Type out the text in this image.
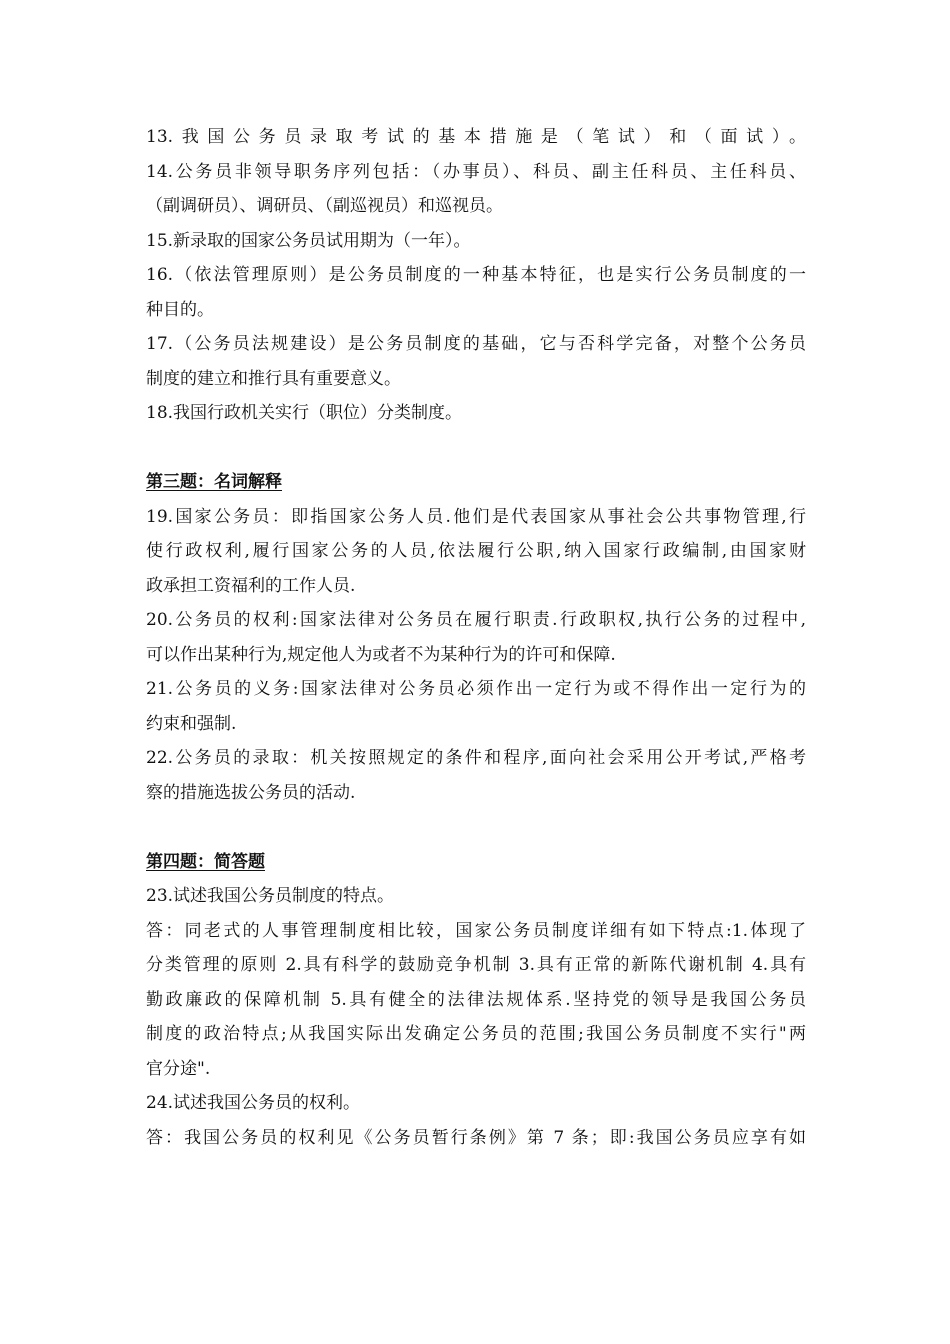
13.我国公务员录取考试的基本措施是（笔试）和（面试）。
14.公务员非领导职务序列包括：（办事员）、科员、副主任科员、主任科员、
（副调研员）、调研员、（副巡视员）和巡视员。
15.新录取的国家公务员试用期为（一年）。
16.（依法管理原则）是公务员制度的一种基本特征，也是实行公务员制度的一
种目的。
17.（公务员法规建设）是公务员制度的基础，它与否科学完备，对整个公务员
制度的建立和推行具有重要意义。
18.我国行政机关实行（职位）分类制度。
第三题：名词解释
19.国家公务员：即指国家公务人员.他们是代表国家从事社会公共事物管理,行
使行政权利,履行国家公务的人员,依法履行公职,纳入国家行政编制,由国家财
政承担工资福利的工作人员.
20.公务员的权利:国家法律对公务员在履行职责.行政职权,执行公务的过程中,
可以作出某种行为,规定他人为或者不为某种行为的许可和保障.
21.公务员的义务:国家法律对公务员必须作出一定行为或不得作出一定行为的
约束和强制.
22.公务员的录取：机关按照规定的条件和程序,面向社会采用公开考试,严格考
察的措施选拔公务员的活动.
第四题：简答题
23.试述我国公务员制度的特点。
答：同老式的人事管理制度相比较，国家公务员制度详细有如下特点:1.体现了
分类管理的原则 2.具有科学的鼓励竞争机制 3.具有正常的新陈代谢机制 4.具有
勤政廉政的保障机制 5.具有健全的法律法规体系.坚持党的领导是我国公务员
制度的政治特点;从我国实际出发确定公务员的范围;我国公务员制度不实行"两
官分途".
24.试述我国公务员的权利。
答：我国公务员的权利见《公务员暂行条例》第 7 条；即:我国公务员应享有如
